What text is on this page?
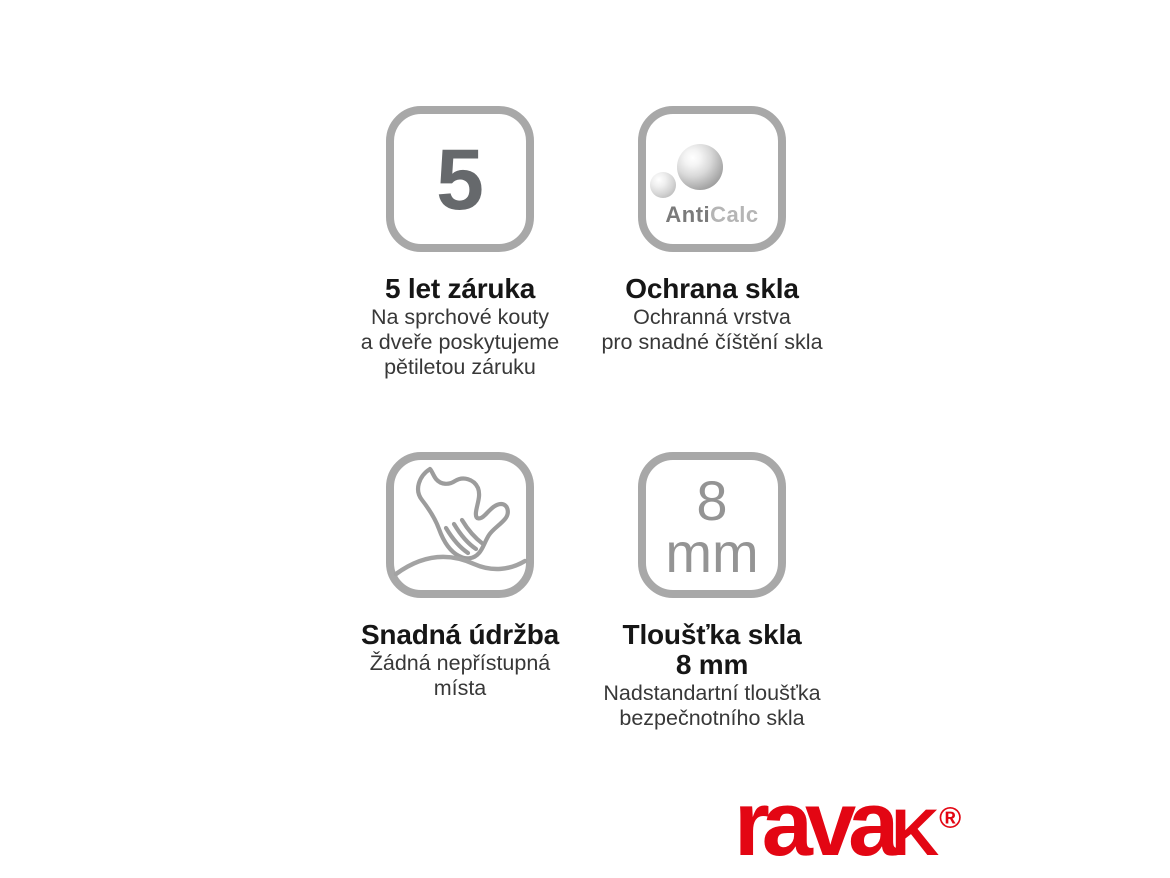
5
5 let záruka
Na sprchové kouty
a dveře poskytujeme
pětiletou záruku
AntiCalc
Ochrana skla
Ochranná vrstva
pro snadné číštění skla
Snadná údržba
Žádná nepřístupná
místa
8
mm
Tloušťka skla
8 mm
Nadstandartní tloušťka
bezpečnotního skla
ravaK ®
